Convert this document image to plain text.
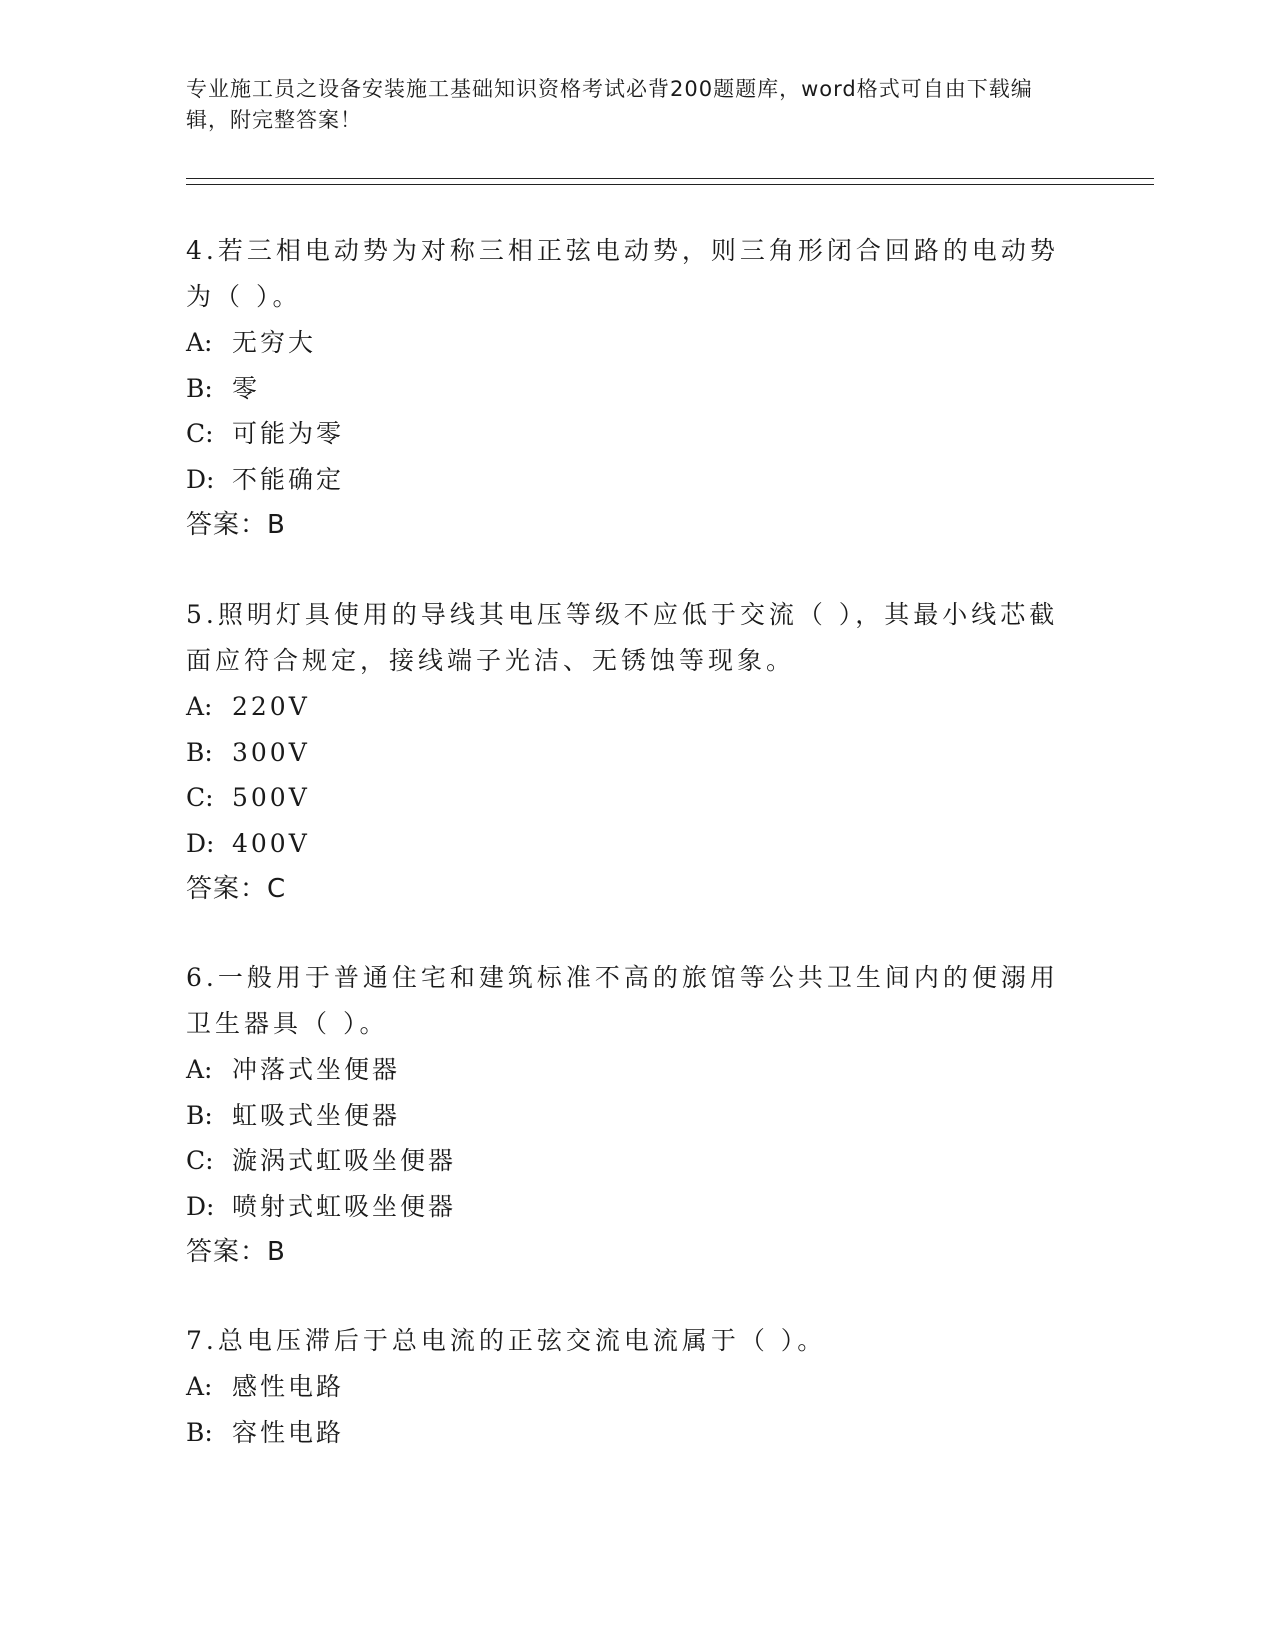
专业施工员之设备安装施工基础知识资格考试必背200题题库，word格式可自由下载编辑，附完整答案！

4.若三相电动势为对称三相正弦电动势，则三角形闭合回路的电动势为（ ）。

A: 无穷大

B: 零

C: 可能为零

D: 不能确定

答案：B

5.照明灯具使用的导线其电压等级不应低于交流（ ），其最小线芯截面应符合规定，接线端子光洁、无锈蚀等现象。

A: 220V

B: 300V

C: 500V

D: 400V

答案：C

6.一般用于普通住宅和建筑标准不高的旅馆等公共卫生间内的便溺用卫生器具（ ）。

A: 冲落式坐便器

B: 虹吸式坐便器

C: 漩涡式虹吸坐便器

D: 喷射式虹吸坐便器

答案：B

7.总电压滞后于总电流的正弦交流电流属于（ ）。

A: 感性电路

B: 容性电路
